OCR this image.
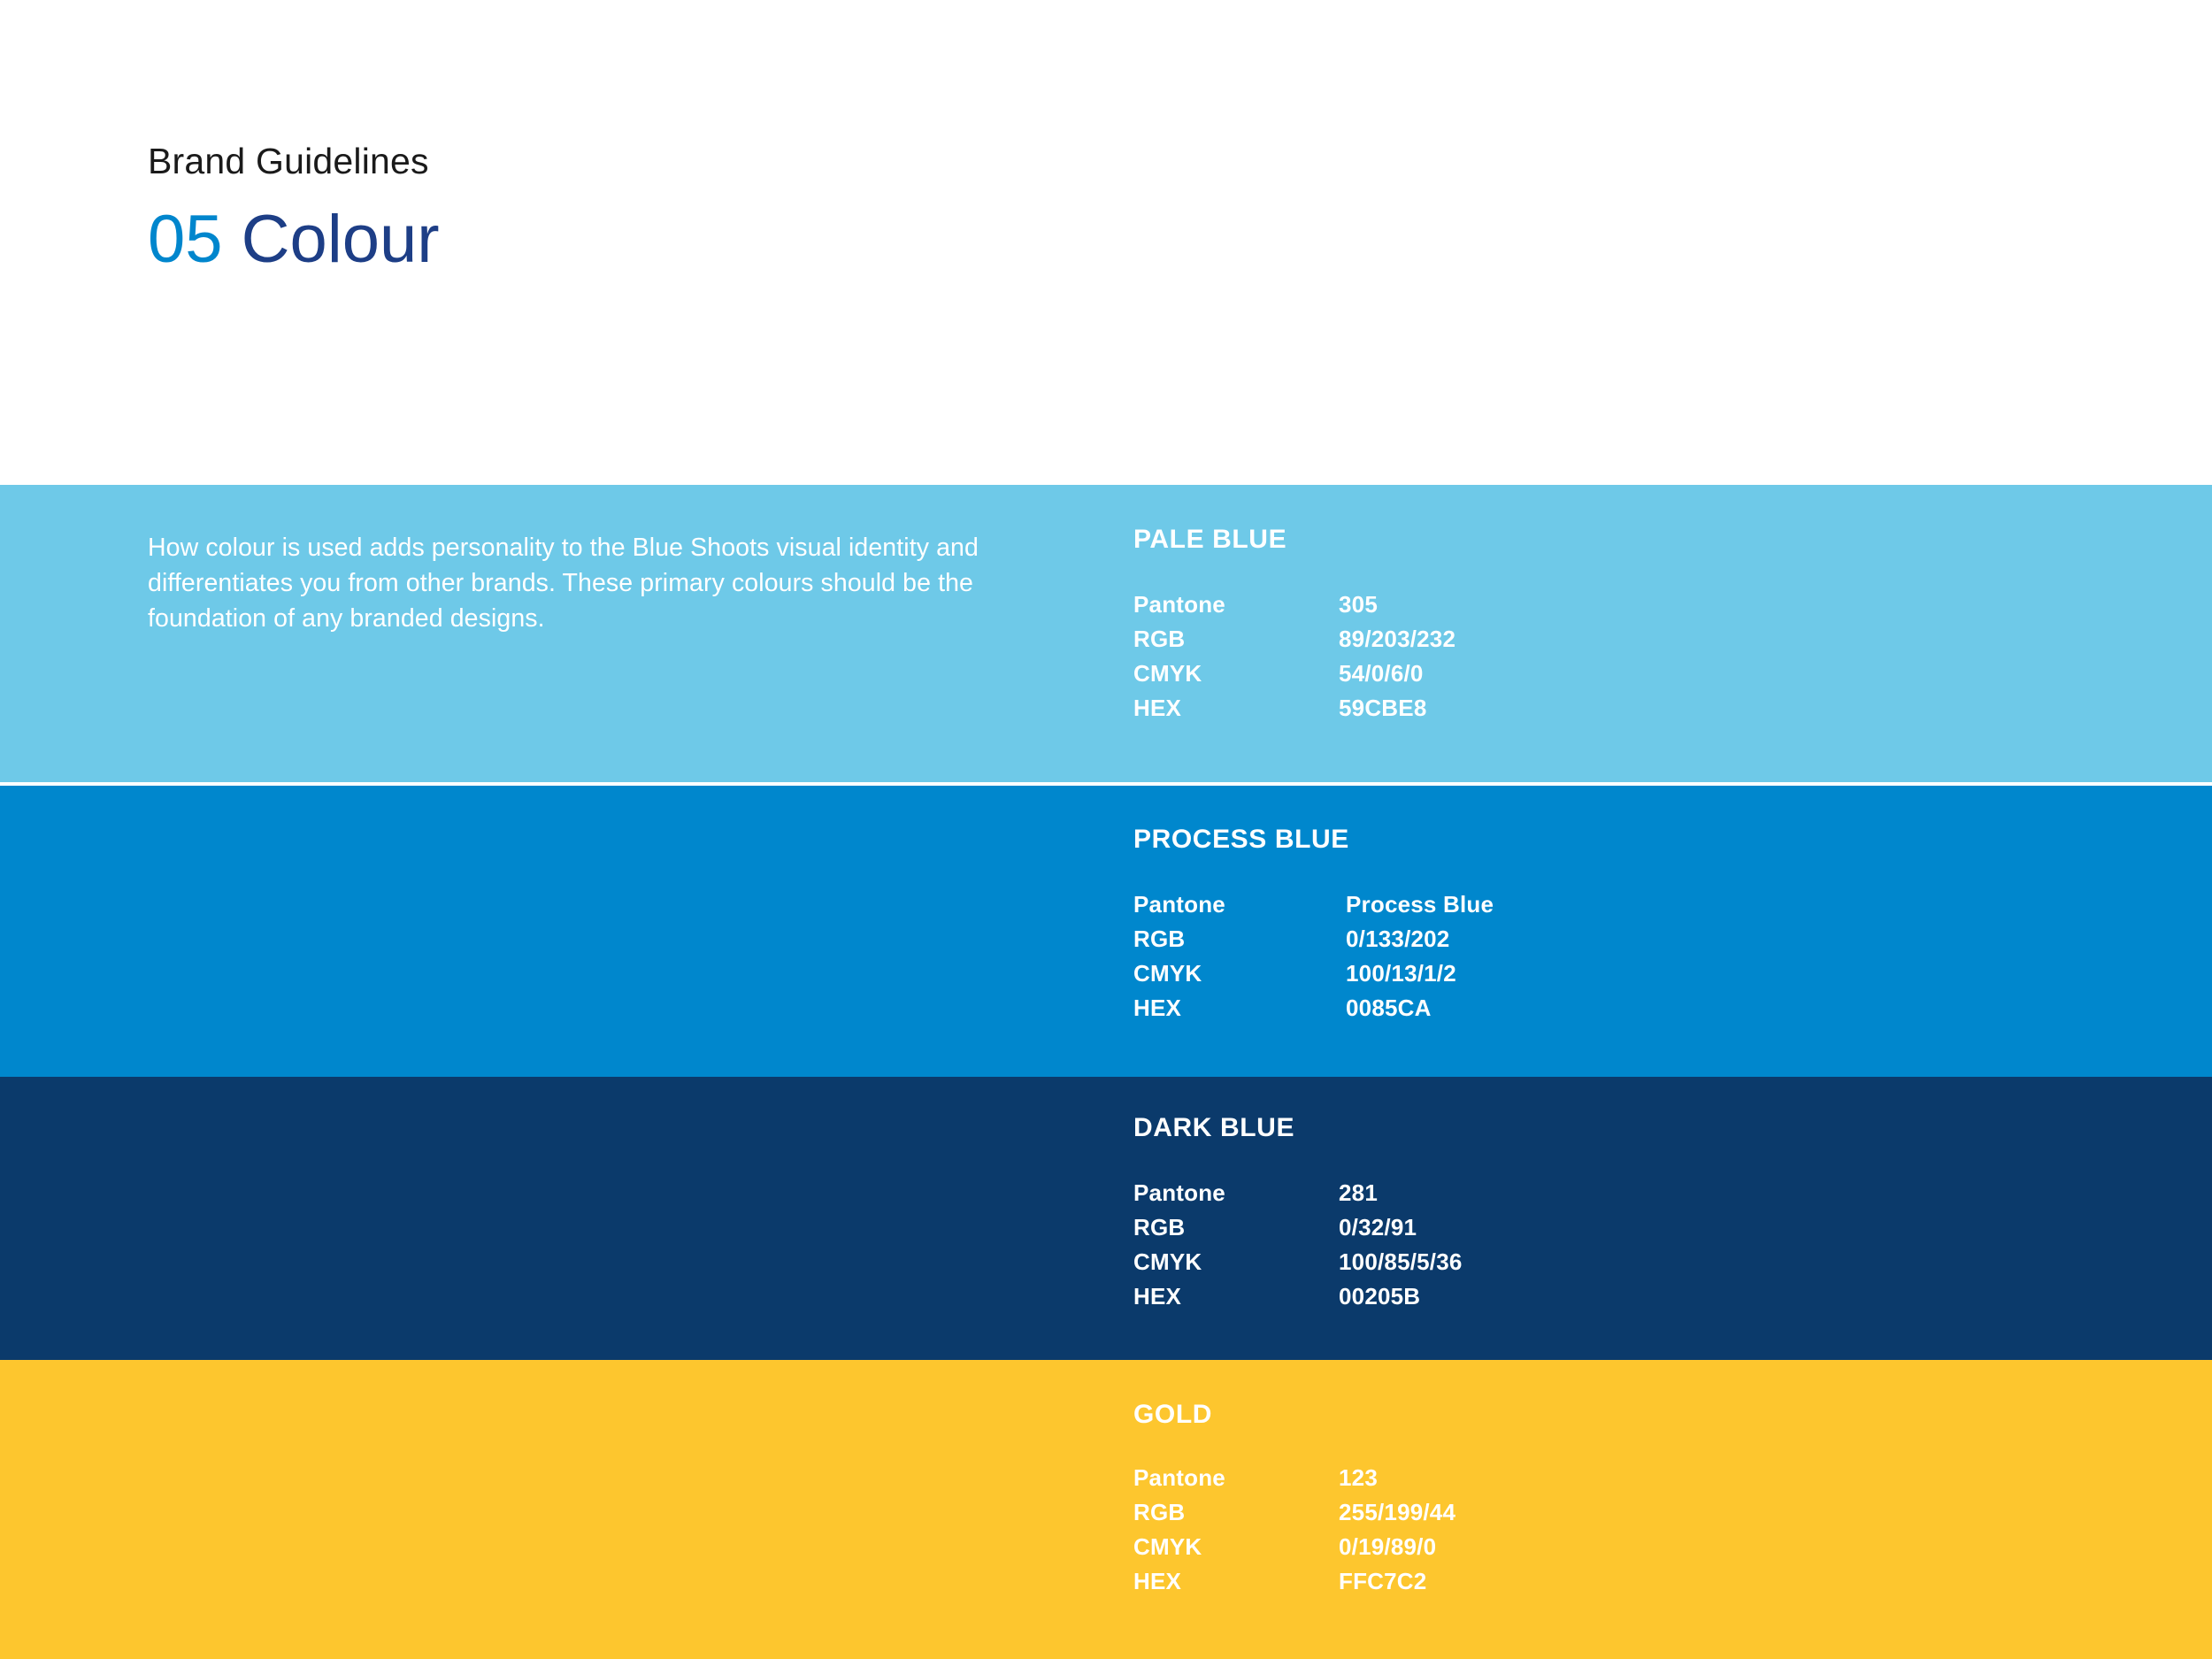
Brand Guidelines
05 Colour

How colour is used adds personality to the Blue Shoots visual identity and differentiates you from other brands. These primary colours should be the foundation of any branded designs.

PALE BLUE
Pantone	305
RGB	89/203/232
CMYK	54/0/6/0
HEX	59CBE8
PROCESS BLUE
Pantone	Process Blue
RGB	0/133/202
CMYK	100/13/1/2
HEX	0085CA
DARK BLUE
Pantone	281
RGB	0/32/91
CMYK	100/85/5/36
HEX	00205B
GOLD
Pantone	123
RGB	255/199/44
CMYK	0/19/89/0
HEX	FFC7C2
